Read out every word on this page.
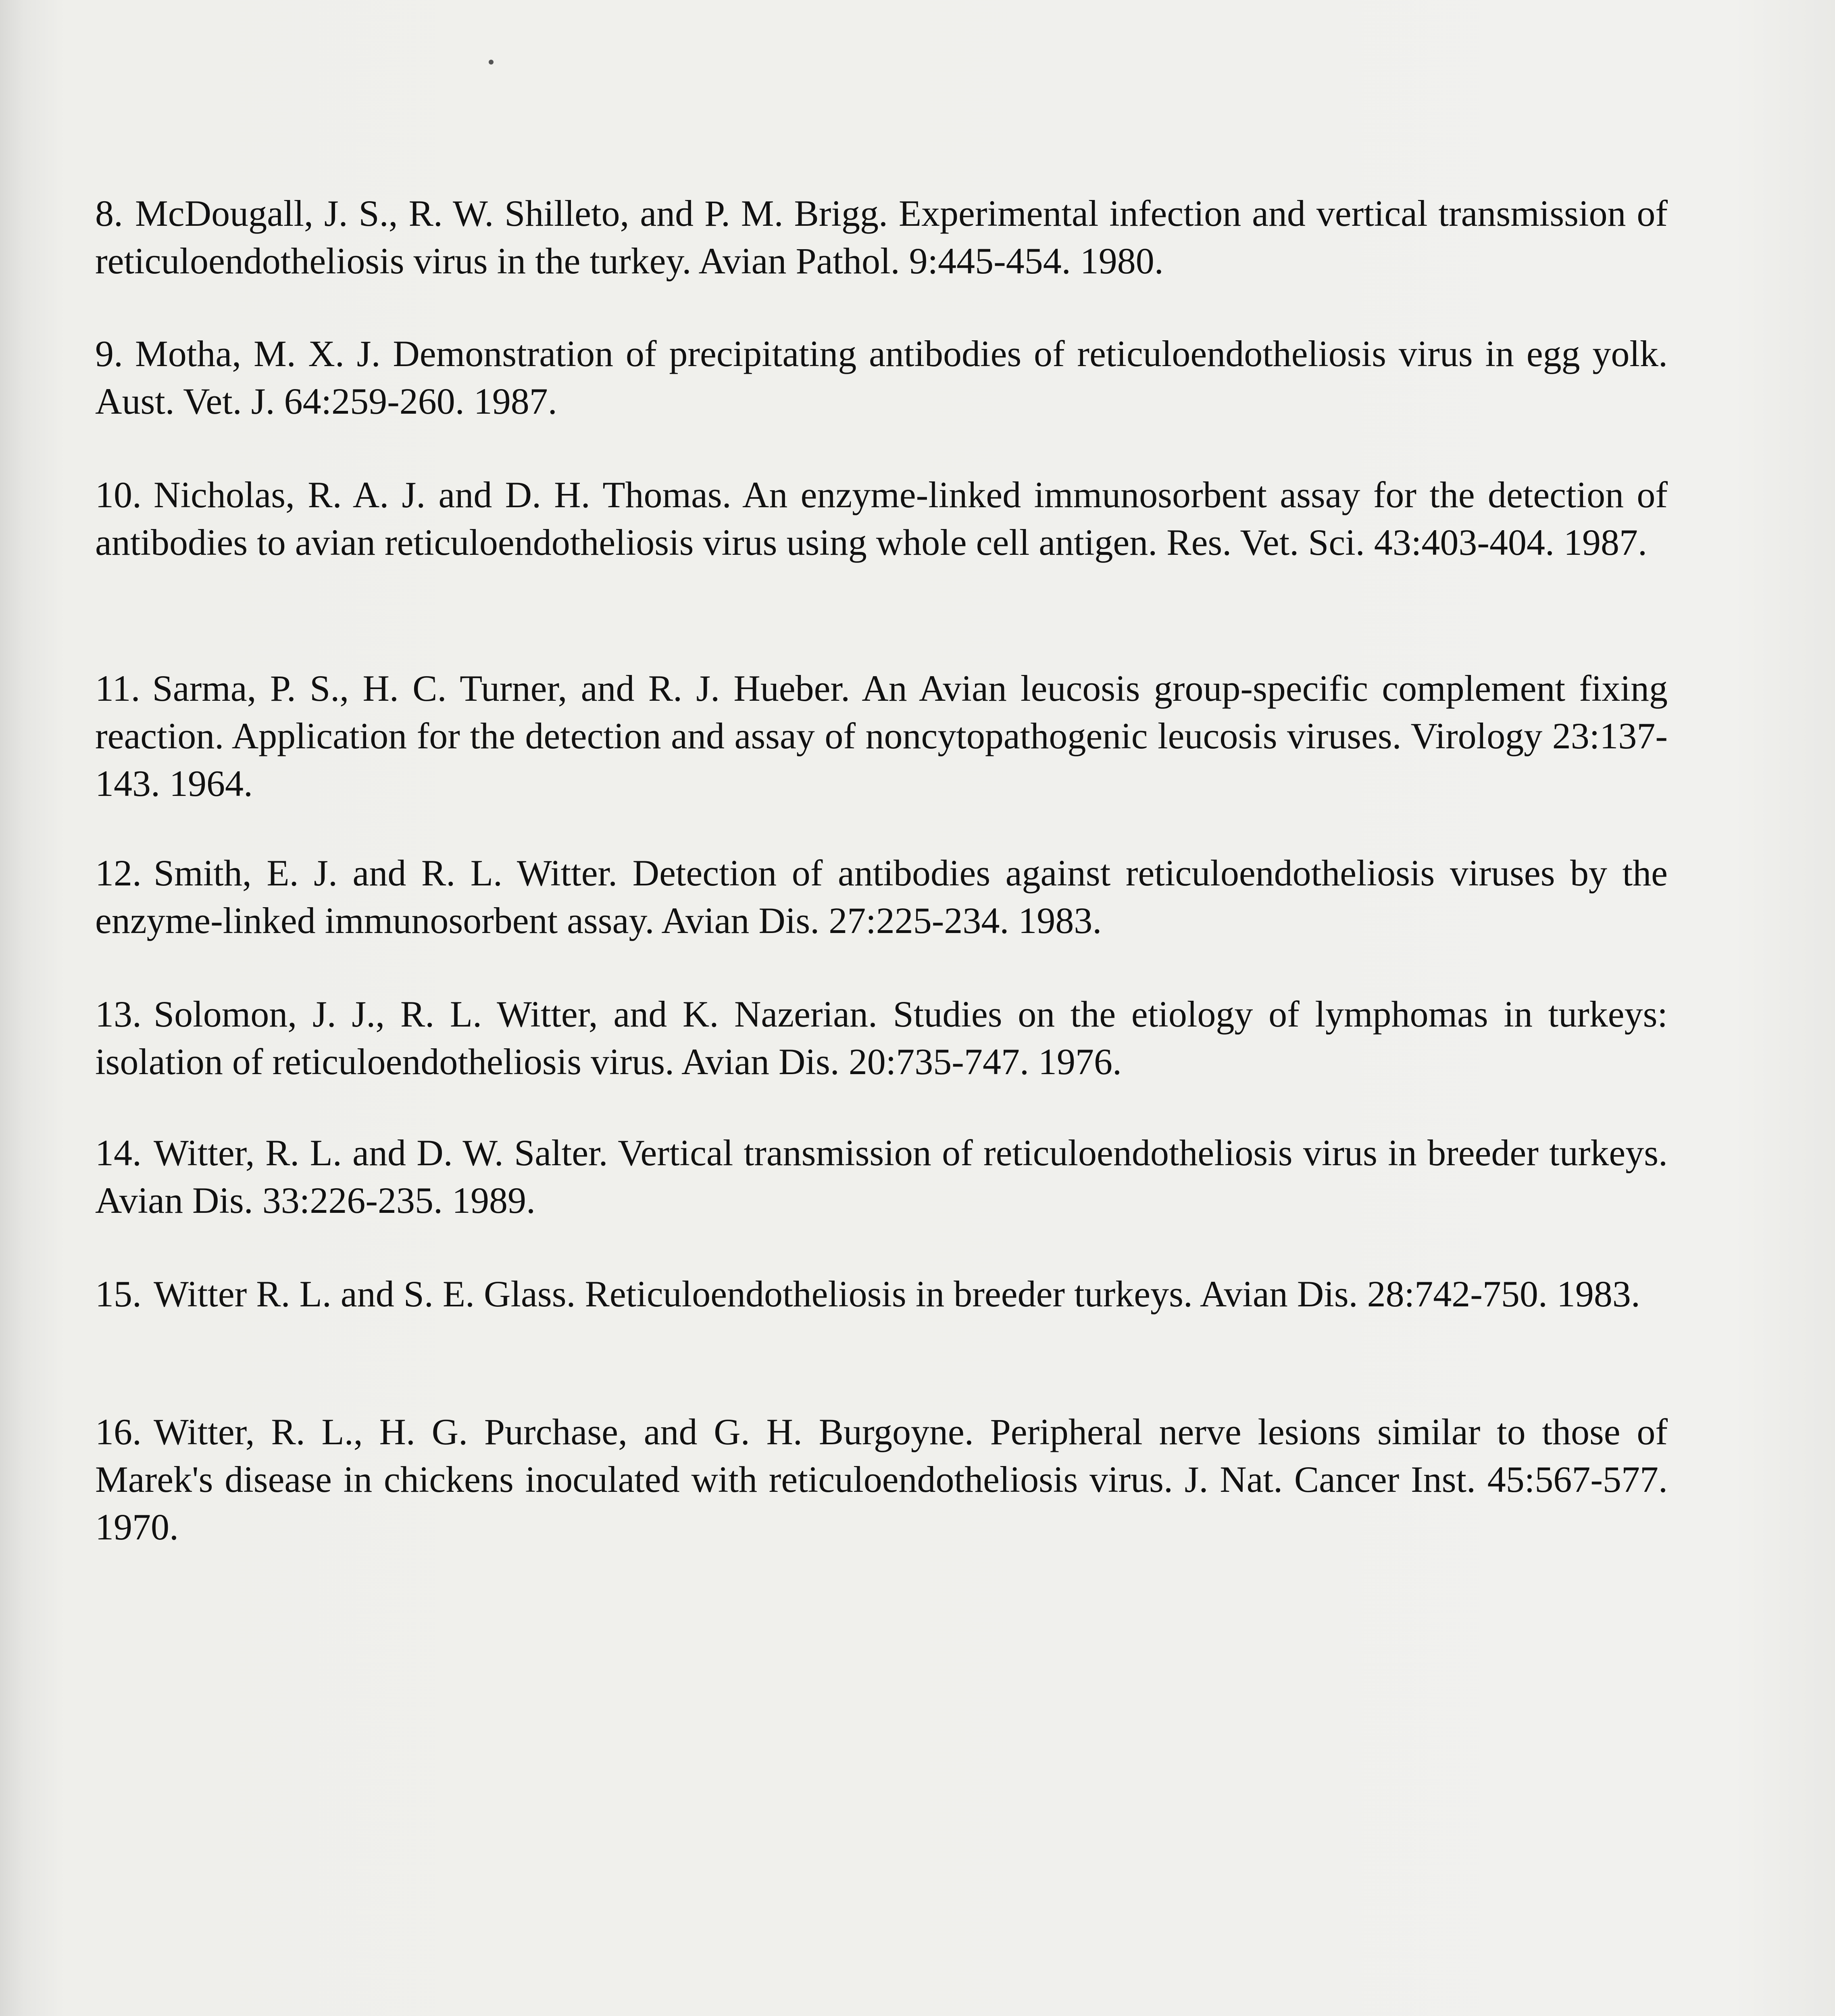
8. McDougall, J. S., R. W. Shilleto, and P. M. Brigg. Experimental infection and vertical transmission of reticuloendotheliosis virus in the turkey. Avian Pathol. 9:445-454. 1980.
9. Motha, M. X. J. Demonstration of precipitating antibodies of reticuloendotheliosis virus in egg yolk. Aust. Vet. J. 64:259-260. 1987.
10. Nicholas, R. A. J. and D. H. Thomas. An enzyme-linked immunosorbent assay for the detection of antibodies to avian reticuloendotheliosis virus using whole cell antigen. Res. Vet. Sci. 43:403-404. 1987.
11. Sarma, P. S., H. C. Turner, and R. J. Hueber. An Avian leucosis group-specific complement fixing reaction. Application for the detection and assay of noncytopathogenic leucosis viruses. Virology 23:137-143. 1964.
12. Smith, E. J. and R. L. Witter. Detection of antibodies against reticuloendotheliosis viruses by the enzyme-linked immunosorbent assay. Avian Dis. 27:225-234. 1983.
13. Solomon, J. J., R. L. Witter, and K. Nazerian. Studies on the etiology of lymphomas in turkeys: isolation of reticuloendotheliosis virus. Avian Dis. 20:735-747. 1976.
14. Witter, R. L. and D. W. Salter. Vertical transmission of reticuloendotheliosis virus in breeder turkeys. Avian Dis. 33:226-235. 1989.
15. Witter R. L. and S. E. Glass. Reticuloendotheliosis in breeder turkeys. Avian Dis. 28:742-750. 1983.
16. Witter, R. L., H. G. Purchase, and G. H. Burgoyne. Peripheral nerve lesions similar to those of Marek's disease in chickens inoculated with reticuloendotheliosis virus. J. Nat. Cancer Inst. 45:567-577. 1970.
